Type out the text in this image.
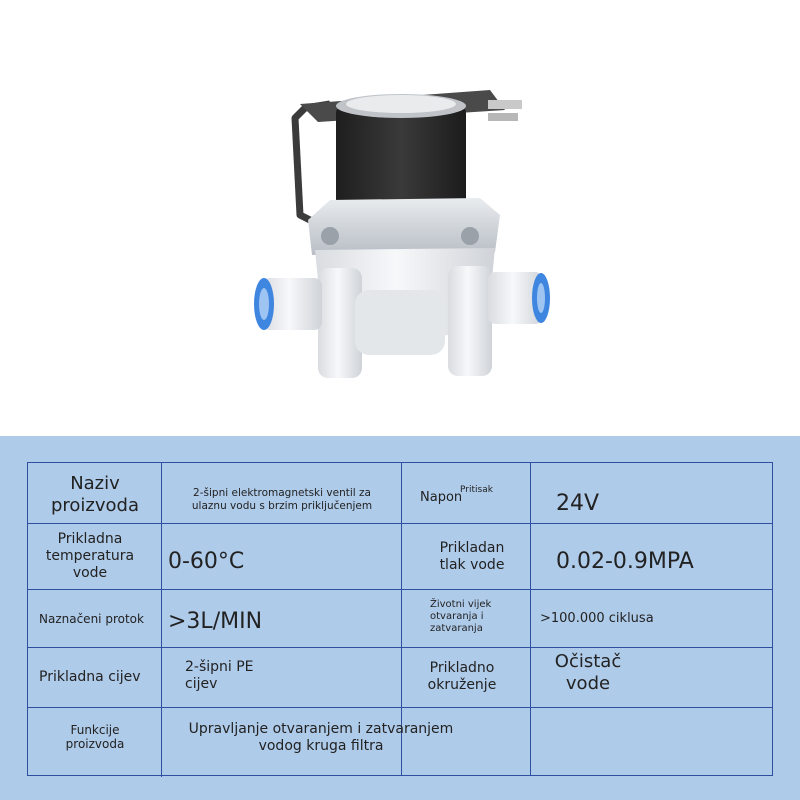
Naziv proizvoda
2-šipni elektromagnetski ventil za ulaznu vodu s brzim priključenjem
Napon
Pritisak
24V
Prikladna temperatura vode	0-60°C
Prikladan tlak vode	0.02-0.9MPA
Naznačeni protok >3L/MIN
Životni vijek otvaranja i zatvaranja
>100.000 ciklusa
Prikladna cijev
2-šipni PE cijev
Prikladno okruženje
Očistač vode
Funkcije proizvoda
Upravljanje otvaranjem i zatvaranjem vodog kruga filtra
